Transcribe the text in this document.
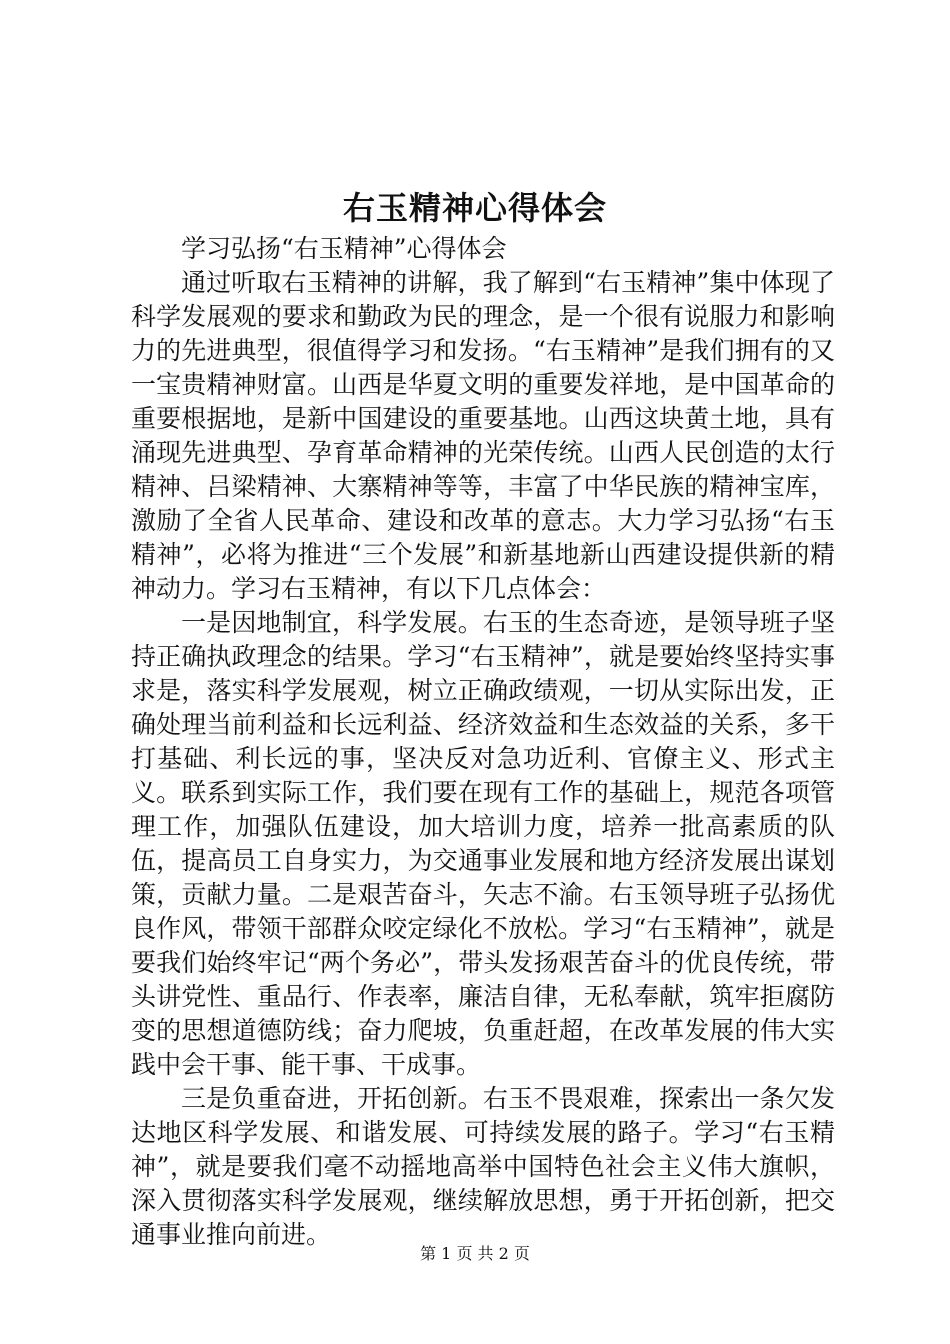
右玉精神心得体会

学习弘扬“右玉精神”心得体会

通过听取右玉精神的讲解，我了解到“右玉精神”集中体现了科学发展观的要求和勤政为民的理念，是一个很有说服力和影响力的先进典型，很值得学习和发扬。“右玉精神”是我们拥有的又一宝贵精神财富。山西是华夏文明的重要发祥地，是中国革命的重要根据地，是新中国建设的重要基地。山西这块黄土地，具有涌现先进典型、孕育革命精神的光荣传统。山西人民创造的太行精神、吕梁精神、大寨精神等等，丰富了中华民族的精神宝库，激励了全省人民革命、建设和改革的意志。大力学习弘扬“右玉精神”，必将为推进“三个发展”和新基地新山西建设提供新的精神动力。学习右玉精神，有以下几点体会：

一是因地制宜，科学发展。右玉的生态奇迹，是领导班子坚持正确执政理念的结果。学习“右玉精神”，就是要始终坚持实事求是，落实科学发展观，树立正确政绩观，一切从实际出发，正确处理当前利益和长远利益、经济效益和生态效益的关系，多干打基础、利长远的事，坚决反对急功近利、官僚主义、形式主义。联系到实际工作，我们要在现有工作的基础上，规范各项管理工作，加强队伍建设，加大培训力度，培养一批高素质的队伍，提高员工自身实力，为交通事业发展和地方经济发展出谋划策，贡献力量。二是艰苦奋斗，矢志不渝。右玉领导班子弘扬优良作风，带领干部群众咬定绿化不放松。学习“右玉精神”，就是要我们始终牢记“两个务必”，带头发扬艰苦奋斗的优良传统，带头讲党性、重品行、作表率，廉洁自律，无私奉献，筑牢拒腐防变的思想道德防线；奋力爬坡，负重赶超，在改革发展的伟大实践中会干事、能干事、干成事。

三是负重奋进，开拓创新。右玉不畏艰难，探索出一条欠发达地区科学发展、和谐发展、可持续发展的路子。学习“右玉精神”，就是要我们毫不动摇地高举中国特色社会主义伟大旗帜，深入贯彻落实科学发展观，继续解放思想，勇于开拓创新，把交通事业推向前进。

第 1 页 共 2 页
